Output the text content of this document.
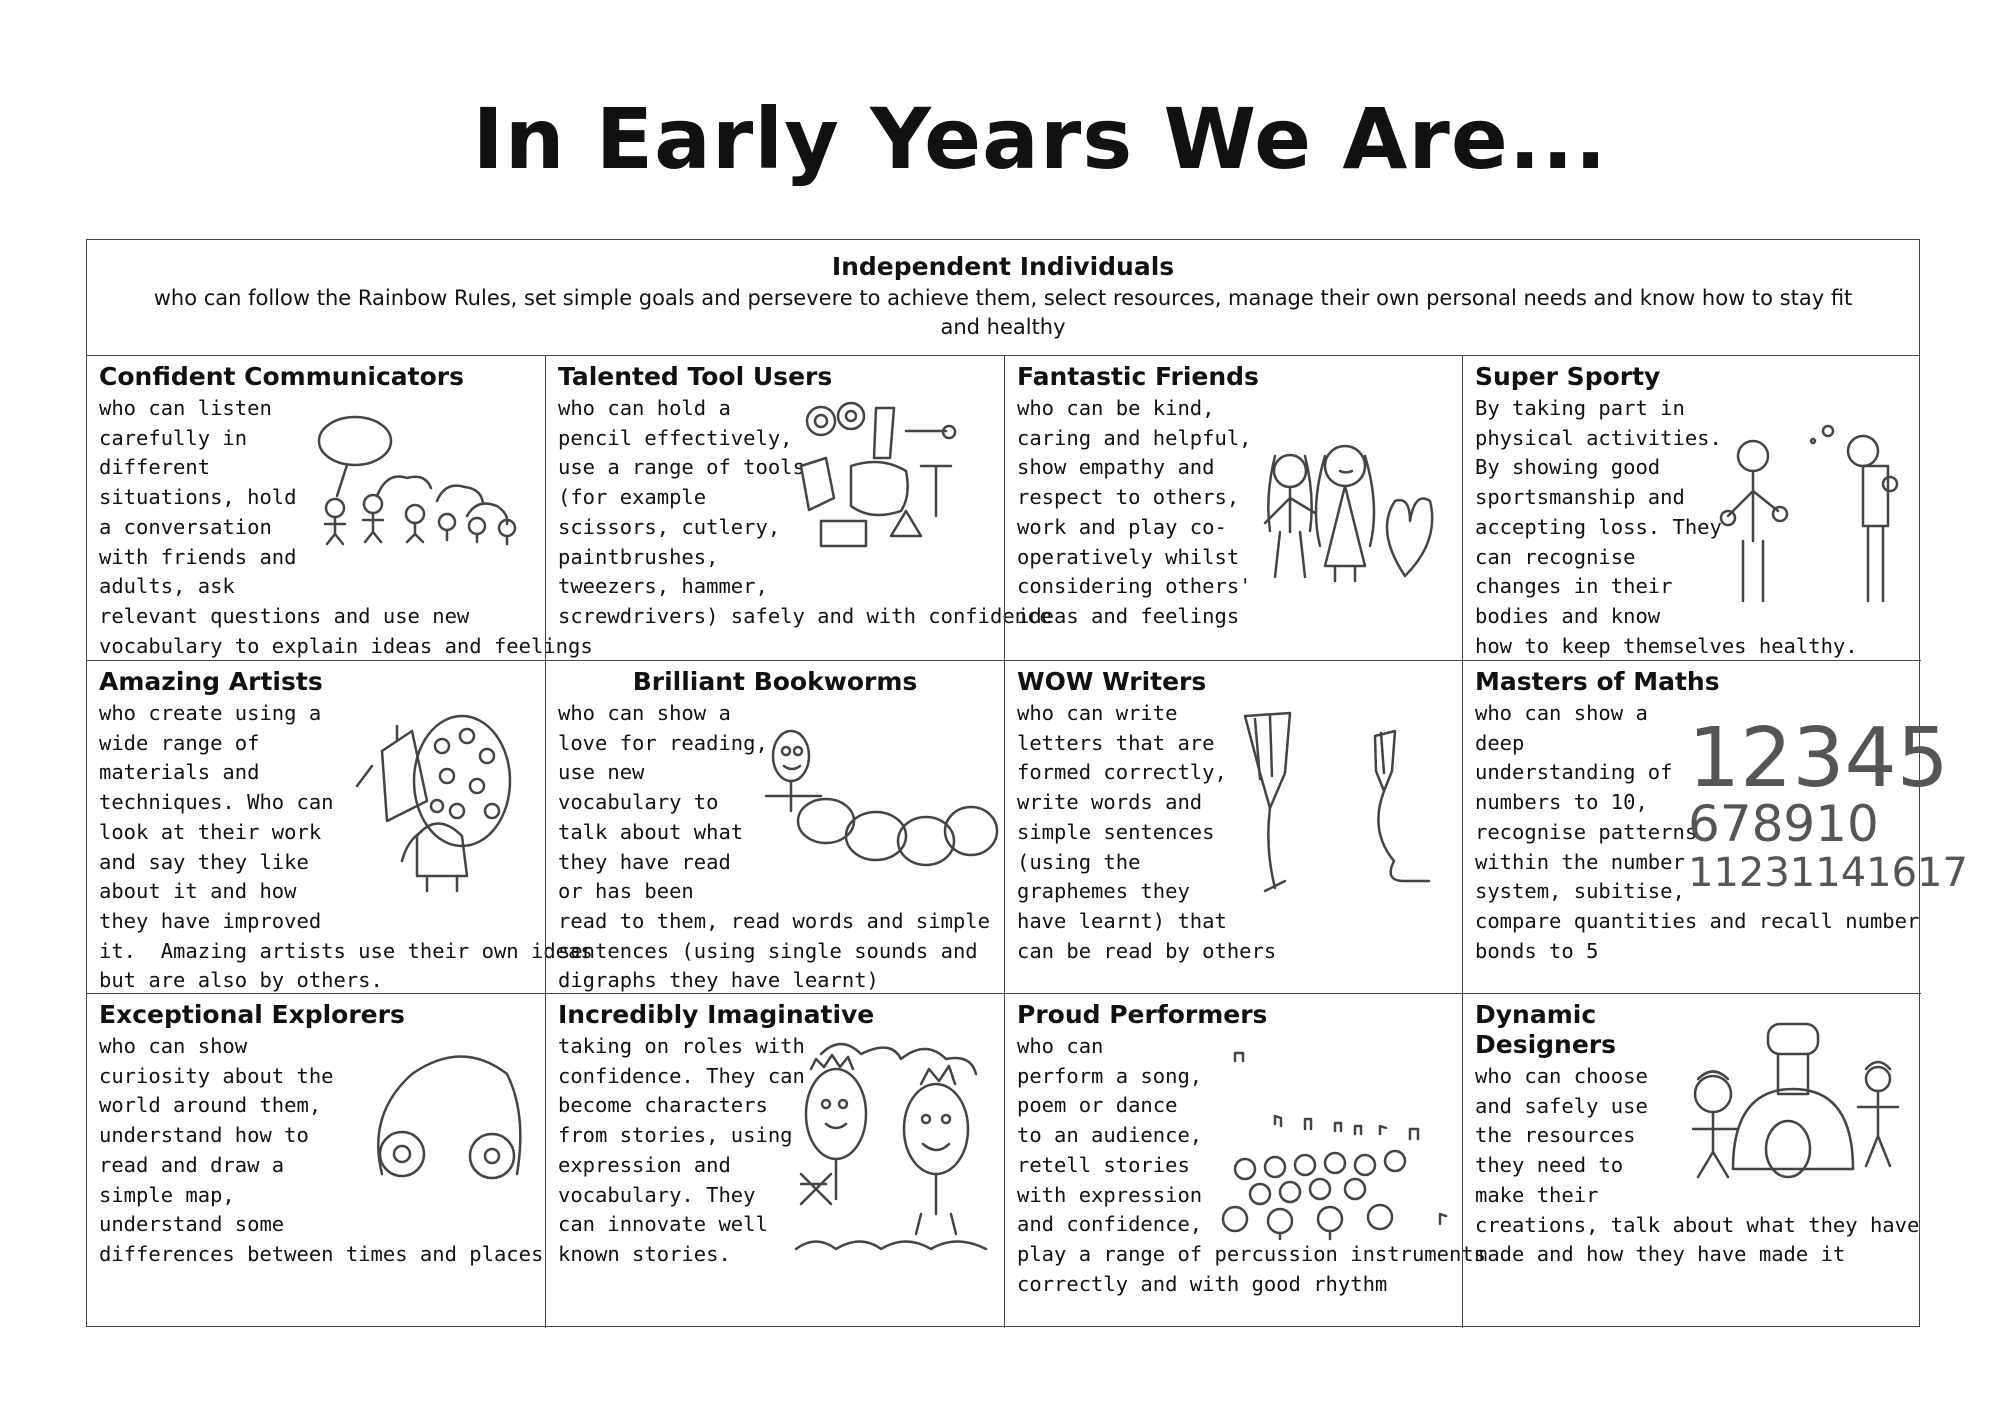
In Early Years We Are...
Independent Individuals
who can follow the Rainbow Rules, set simple goals and persevere to achieve them, select resources, manage their own personal needs and know how to stay fit and healthy
Confident Communicators
who can listen
carefully in
different
situations, hold
a conversation
with friends and
adults, ask
relevant questions and use new
vocabulary to explain ideas and feelings
Talented Tool Users
who can hold a
pencil effectively,
use a range of tools
(for example
scissors, cutlery,
paintbrushes,
tweezers, hammer,
screwdrivers) safely and with confidence
Fantastic Friends
who can be kind,
caring and helpful,
show empathy and
respect to others,
work and play co-
operatively whilst
considering others'
ideas and feelings
Super Sporty
By taking part in
physical activities.
By showing good
sportsmanship and
accepting loss. They
can recognise
changes in their
bodies and know
how to keep themselves healthy.
Amazing Artists
who create using a
wide range of
materials and
techniques. Who can
look at their work
and say they like
about it and how
they have improved
it.  Amazing artists use their own ideas
but are also by others.
Brilliant Bookworms
who can show a
love for reading,
use new
vocabulary to
talk about what
they have read
or has been
read to them, read words and simple
sentences (using single sounds and
digraphs they have learnt)
WOW Writers
who can write
letters that are
formed correctly,
write words and
simple sentences
(using the
graphemes they
have learnt) that
can be read by others
Masters of Maths
who can show a
deep
understanding of
numbers to 10,
recognise patterns
within the number
system, subitise,
compare quantities and recall number
bonds to 5
12345
678910
11231141617
Exceptional Explorers
who can show
curiosity about the
world around them,
understand how to
read and draw a
simple map,
understand some
differences between times and places
Incredibly Imaginative
taking on roles with
confidence. They can
become characters
from stories, using
expression and
vocabulary. They
can innovate well
known stories.
Proud Performers
who can
perform a song,
poem or dance
to an audience,
retell stories
with expression
and confidence,
play a range of percussion instruments
correctly and with good rhythm
Dynamic Designers
who can choose
and safely use
the resources
they need to
make their
creations, talk about what they have
made and how they have made it
